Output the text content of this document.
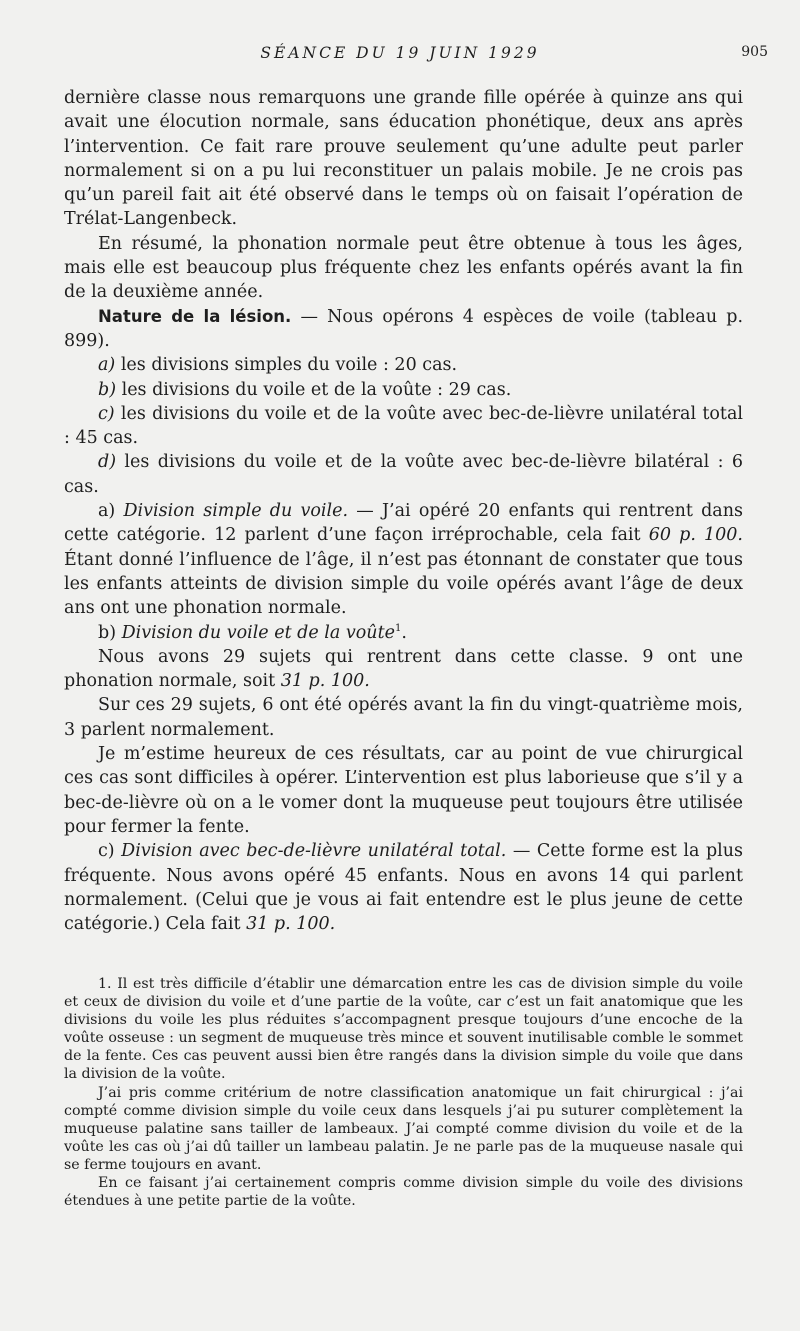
SÉANCE DU 19 JUIN 1929	905

dernière classe nous remarquons une grande fille opérée à quinze ans qui avait une élocution normale, sans éducation phonétique, deux ans après l’intervention. Ce fait rare prouve seulement qu’une adulte peut parler normalement si on a pu lui reconstituer un palais mobile. Je ne crois pas qu’un pareil fait ait été observé dans le temps où on faisait l’opération de Trélat-Langenbeck.

En résumé, la phonation normale peut être obtenue à tous les âges, mais elle est beaucoup plus fréquente chez les enfants opérés avant la fin de la deuxième année.

Nature de la lésion. — Nous opérons 4 espèces de voile (tableau p. 899).

a) les divisions simples du voile : 20 cas.

b) les divisions du voile et de la voûte : 29 cas.

c) les divisions du voile et de la voûte avec bec-de-lièvre unilatéral total : 45 cas.

d) les divisions du voile et de la voûte avec bec-de-lièvre bilatéral : 6 cas.

a) Division simple du voile. — J’ai opéré 20 enfants qui rentrent dans cette catégorie. 12 parlent d’une façon irréprochable, cela fait 60 p. 100. Étant donné l’influence de l’âge, il n’est pas étonnant de constater que tous les enfants atteints de division simple du voile opérés avant l’âge de deux ans ont une phonation normale.

b) Division du voile et de la voûte$^1$.

Nous avons 29 sujets qui rentrent dans cette classe. 9 ont une phonation normale, soit 31 p. 100.

Sur ces 29 sujets, 6 ont été opérés avant la fin du vingt-quatrième mois, 3 parlent normalement.

Je m’estime heureux de ces résultats, car au point de vue chirurgical ces cas sont difficiles à opérer. L’intervention est plus laborieuse que s’il y a bec-de-lièvre où on a le vomer dont la muqueuse peut toujours être utilisée pour fermer la fente.

c) Division avec bec-de-lièvre unilatéral total. — Cette forme est la plus fréquente. Nous avons opéré 45 enfants. Nous en avons 14 qui parlent normalement. (Celui que je vous ai fait entendre est le plus jeune de cette catégorie.) Cela fait 31 p. 100.

1. Il est très difficile d’établir une démarcation entre les cas de division simple du voile et ceux de division du voile et d’une partie de la voûte, car c’est un fait anatomique que les divisions du voile les plus réduites s’accompagnent presque toujours d’une encoche de la voûte osseuse : un segment de muqueuse très mince et souvent inutilisable comble le sommet de la fente. Ces cas peuvent aussi bien être rangés dans la division simple du voile que dans la division de la voûte.

J’ai pris comme critérium de notre classification anatomique un fait chirurgical : j’ai compté comme division simple du voile ceux dans lesquels j’ai pu suturer complètement la muqueuse palatine sans tailler de lambeaux. J’ai compté comme division du voile et de la voûte les cas où j’ai dû tailler un lambeau palatin. Je ne parle pas de la muqueuse nasale qui se ferme toujours en avant.

En ce faisant j’ai certainement compris comme division simple du voile des divisions étendues à une petite partie de la voûte.
